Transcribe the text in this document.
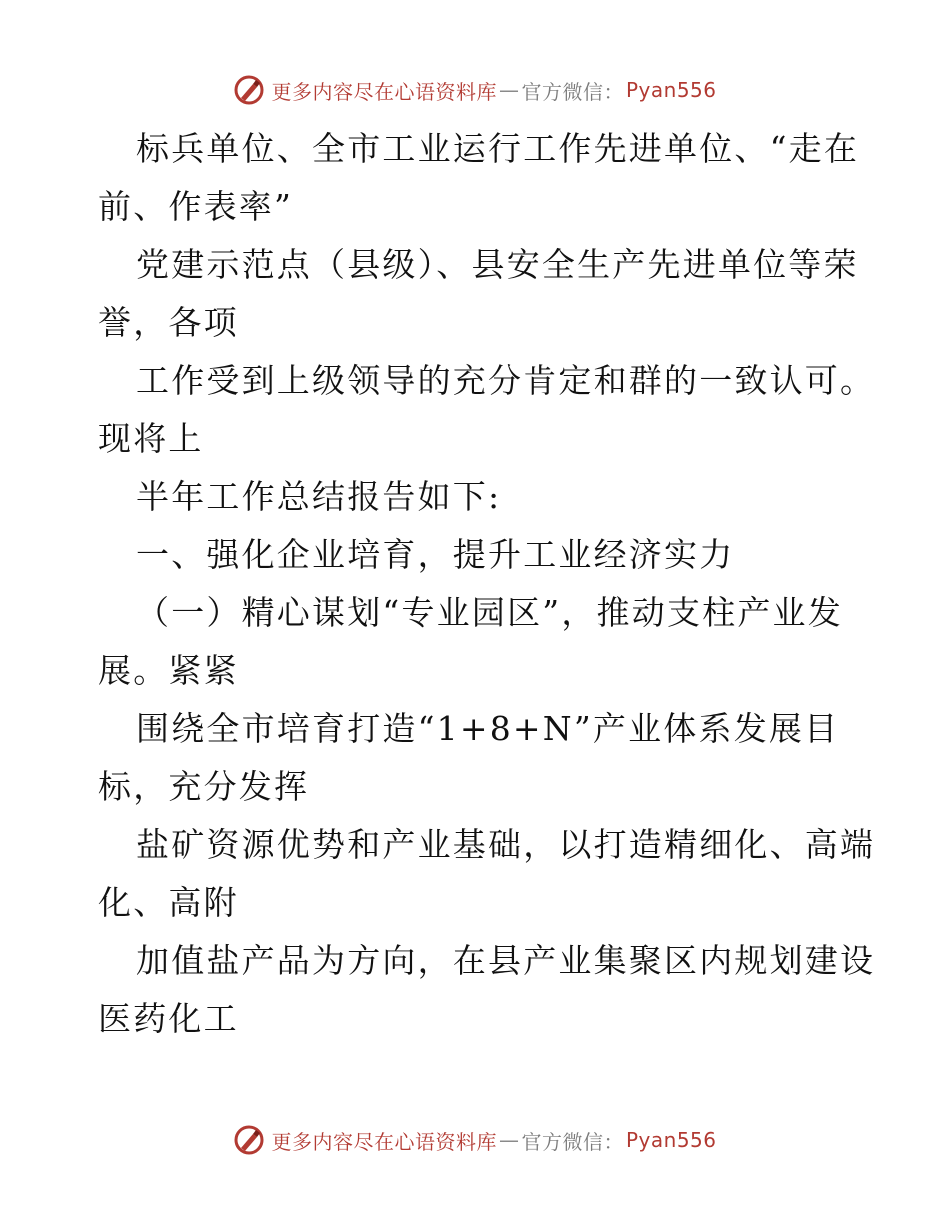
更多内容尽在心语资料库 — 官方微信： Pyan556
标兵单位、全市工业运行工作先进单位、“走在
前、作表率”
党建示范点（县级）、县安全生产先进单位等荣
誉，各项
工作受到上级领导的充分肯定和群的一致认可。
现将上
半年工作总结报告如下:
一、强化企业培育，提升工业经济实力
（一）精心谋划“专业园区”，推动支柱产业发
展。紧紧
围绕全市培育打造“1+8+N”产业体系发展目
标，充分发挥
盐矿资源优势和产业基础，以打造精细化、高端
化、高附
加值盐产品为方向，在县产业集聚区内规划建设
医药化工
更多内容尽在心语资料库 — 官方微信： Pyan556
